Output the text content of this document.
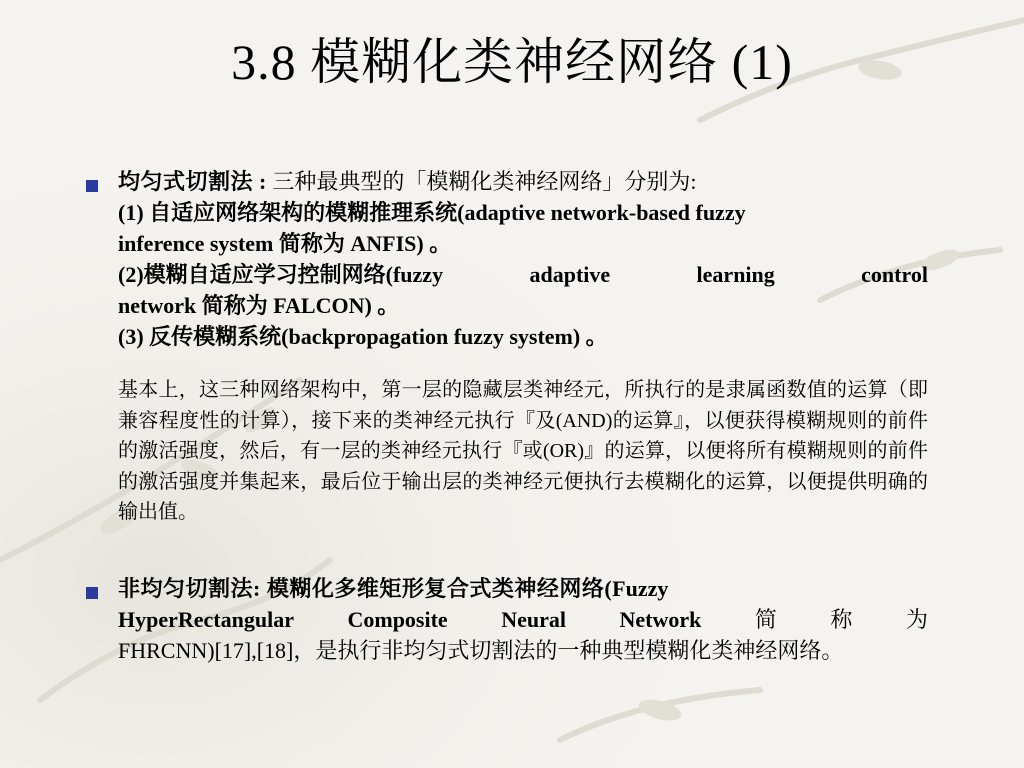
3.8 模糊化类神经网络 (1)
均匀式切割法 : 三种最典型的「模糊化类神经网络」分别为:
(1) 自适应网络架构的模糊推理系统(adaptive network-based fuzzy
inference system 简称为 ANFIS) 。
(2)模糊自适应学习控制网络(fuzzy	adaptive	learning	control
network 简称为 FALCON) 。
(3) 反传模糊系统(backpropagation fuzzy system) 。
基本上，这三种网络架构中，第一层的隐藏层类神经元，所执行的是隶属函数值的运算（即兼容程度性的计算），接下来的类神经元执行『及(AND)的运算』，以便获得模糊规则的前件的激活强度，然后，有一层的类神经元执行『或(OR)』的运算，以便将所有模糊规则的前件的激活强度并集起来，最后位于输出层的类神经元便执行去模糊化的运算，以便提供明确的输出值。
非均匀切割法: 模糊化多维矩形复合式类神经网络(Fuzzy
HyperRectangular Composite Neural Network 简 称 为
FHRCNN)[17],[18]，是执行非均匀式切割法的一种典型模糊化类神经网络。
